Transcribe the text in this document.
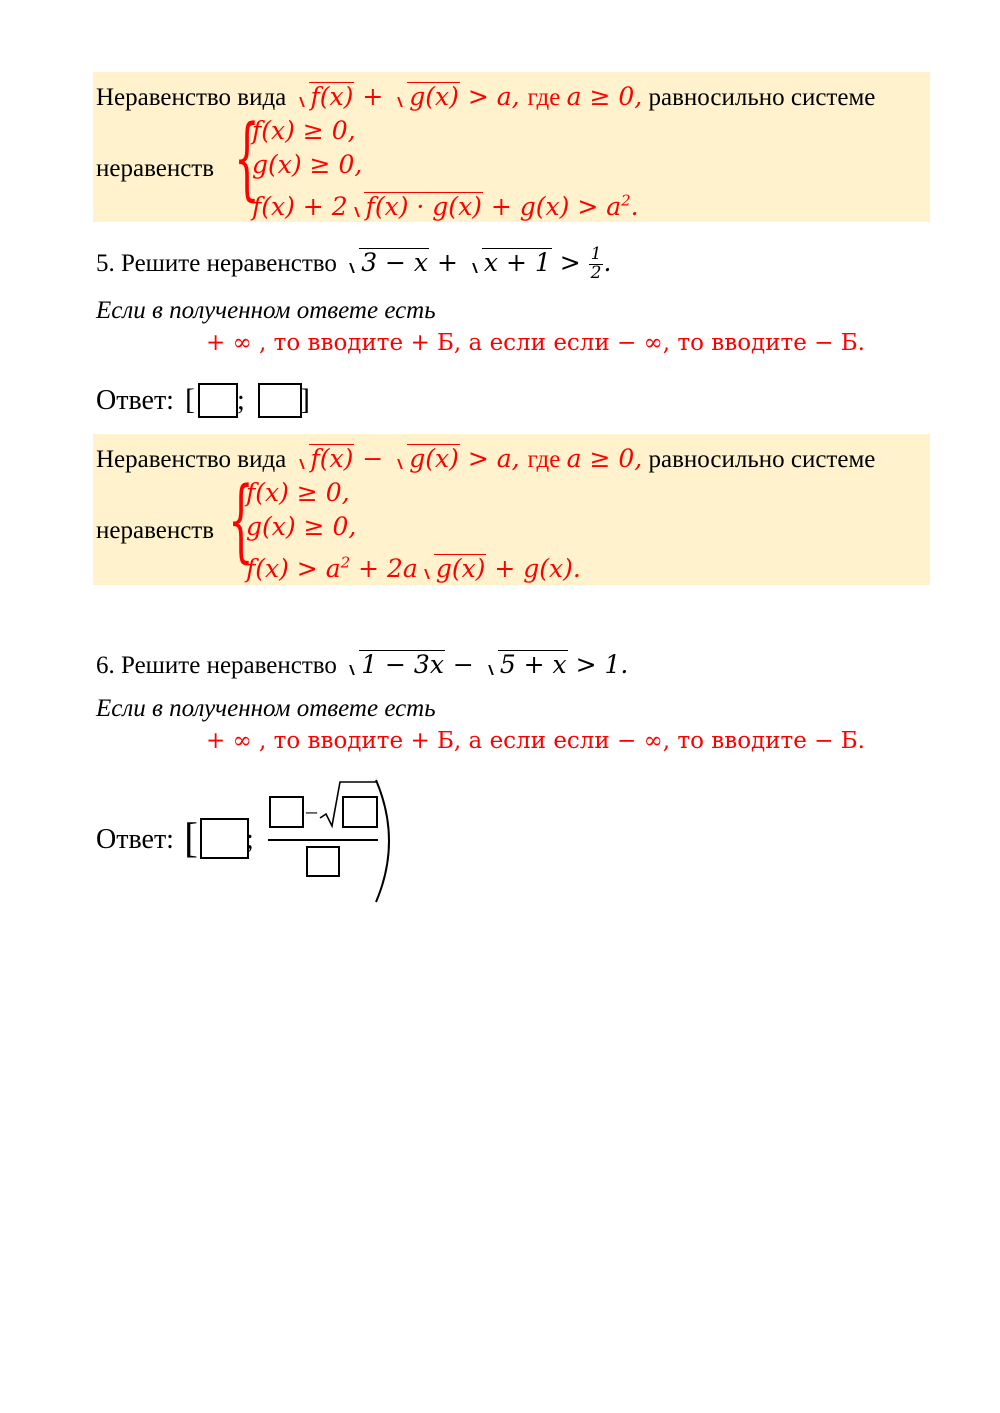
Неравенство вида f(x) + g(x) > a, где a ≥ 0, равносильно системе
неравенств {
f(x) ≥ 0,
g(x) ≥ 0,
f(x) + 2 $f(x) \cdot g(x) + g(x) > a^2$.
5. Решите неравенство $3 - x + x + 1 > \frac{1}{2}$ .
Если в полученном ответе есть
+ ∞ , то вводите + Б, а если если − ∞, то вводите − Б.
Ответ: [ ; ]
Неравенство вида f(x) − g(x) > a, где a ≥ 0, равносильно системе
неравенств {
f(x) ≥ 0,
g(x) ≥ 0,
$f(x) > a^2 + 2a$ g(x) + g(x).
6. Решите неравенство 1 − 3x − 5 + x > 1.
Если в полученном ответе есть
+ ∞ , то вводите + Б, а если если − ∞, то вводите − Б.
Ответ: [ ;
–
